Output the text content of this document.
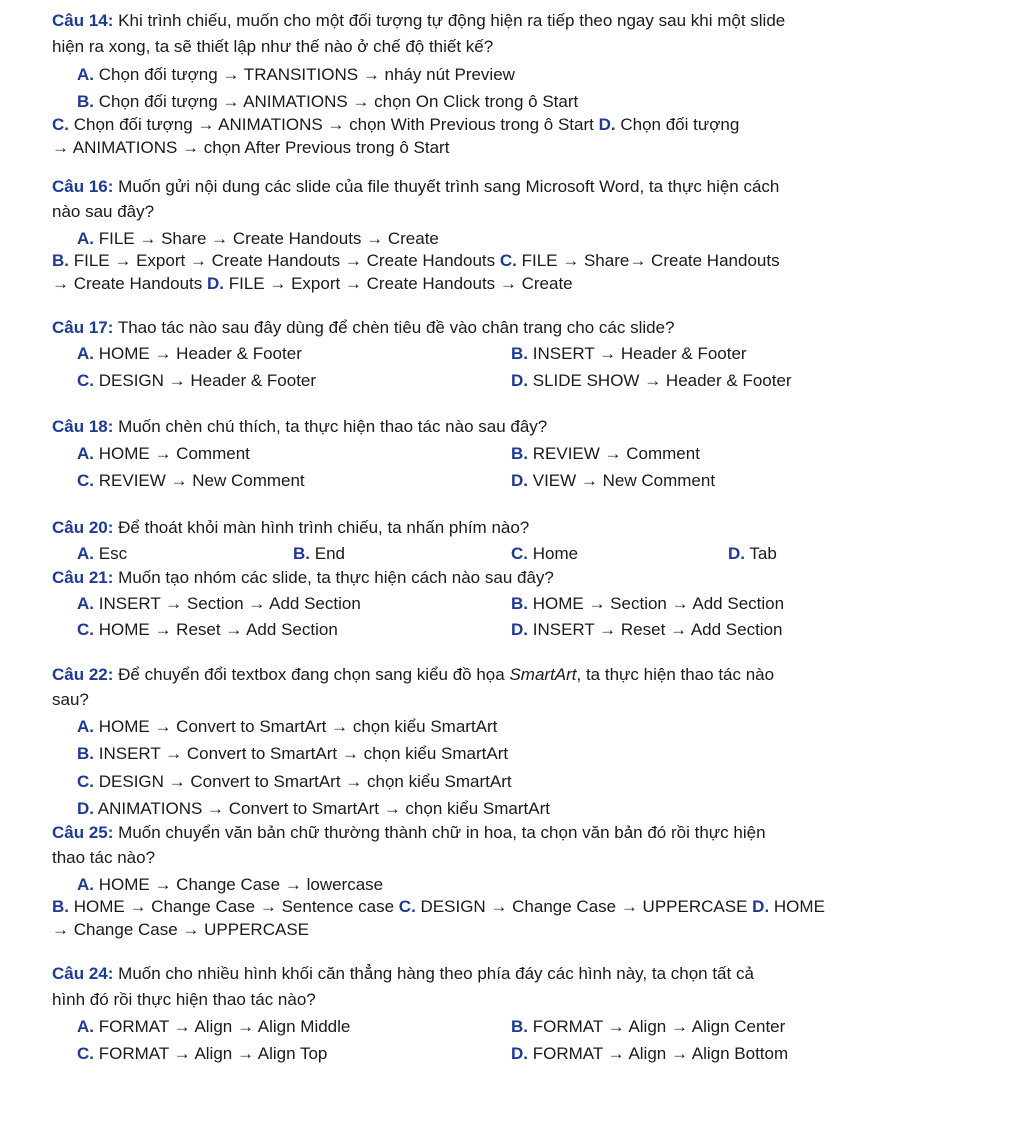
Câu 14: Khi trình chiếu, muốn cho một đối tượng tự động hiện ra tiếp theo ngay sau khi một slide
hiện ra xong, ta sẽ thiết lập như thế nào ở chế độ thiết kế?
A. Chọn đối tượng → TRANSITIONS → nháy nút Preview
B. Chọn đối tượng → ANIMATIONS → chọn On Click trong ô Start
C. Chọn đối tượng → ANIMATIONS → chọn With Previous trong ô Start D. Chọn đối tượng
→ ANIMATIONS → chọn After Previous trong ô Start
Câu 16: Muốn gửi nội dung các slide của file thuyết trình sang Microsoft Word, ta thực hiện cách
nào sau đây?
A. FILE → Share → Create Handouts → Create
B. FILE → Export → Create Handouts → Create Handouts C. FILE → Share→ Create Handouts
→ Create Handouts D. FILE → Export → Create Handouts → Create
Câu 17: Thao tác nào sau đây dùng để chèn tiêu đề vào chân trang cho các slide?
A. HOME → Header & Footer	B. INSERT → Header & Footer
C. DESIGN → Header & Footer	D. SLIDE SHOW → Header & Footer
Câu 18: Muốn chèn chú thích, ta thực hiện thao tác nào sau đây?
A. HOME → Comment	B. REVIEW → Comment
C. REVIEW → New Comment	D. VIEW → New Comment
Câu 20: Để thoát khỏi màn hình trình chiếu, ta nhấn phím nào?
A. Esc	B. End	C. Home	D. Tab
Câu 21: Muốn tạo nhóm các slide, ta thực hiện cách nào sau đây?
A. INSERT → Section → Add Section	B. HOME → Section → Add Section
C. HOME → Reset → Add Section	D. INSERT → Reset → Add Section
Câu 22: Để chuyển đổi textbox đang chọn sang kiểu đồ họa SmartArt, ta thực hiện thao tác nào
sau?
A. HOME → Convert to SmartArt → chọn kiểu SmartArt
B. INSERT → Convert to SmartArt → chọn kiểu SmartArt
C. DESIGN → Convert to SmartArt → chọn kiểu SmartArt
D. ANIMATIONS → Convert to SmartArt → chọn kiểu SmartArt
Câu 25: Muốn chuyển văn bản chữ thường thành chữ in hoa, ta chọn văn bản đó rồi thực hiện
thao tác nào?
A. HOME → Change Case → lowercase
B. HOME → Change Case → Sentence case C. DESIGN → Change Case → UPPERCASE D. HOME
→ Change Case → UPPERCASE
Câu 24: Muốn cho nhiều hình khối căn thẳng hàng theo phía đáy các hình này, ta chọn tất cả
hình đó rồi thực hiện thao tác nào?
A. FORMAT → Align → Align Middle	B. FORMAT → Align → Align Center
C. FORMAT → Align → Align Top	D. FORMAT → Align → Align Bottom
